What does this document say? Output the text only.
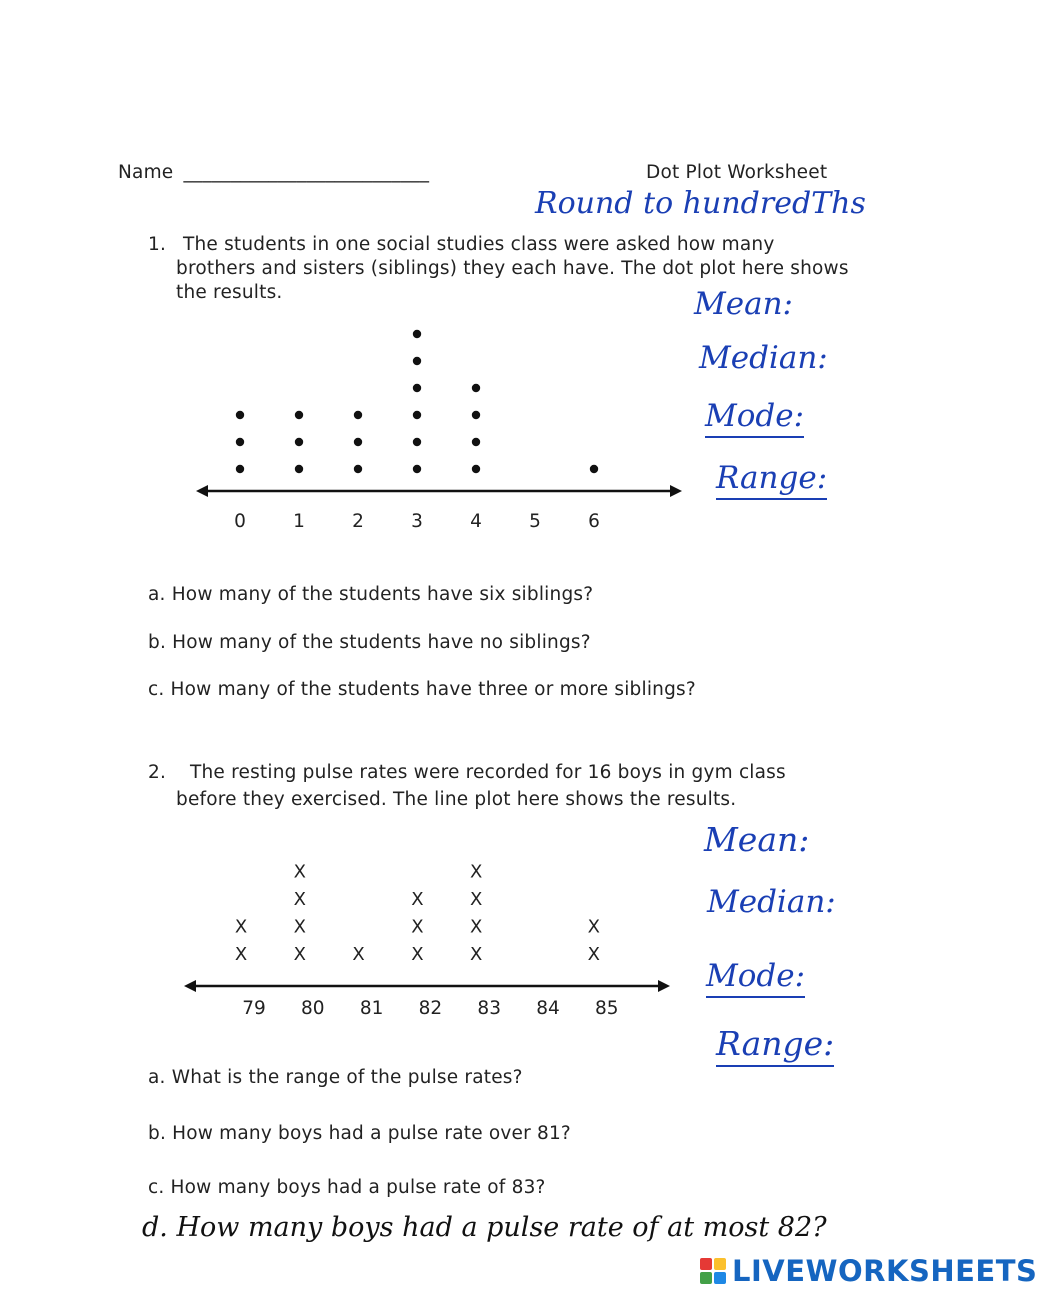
Name __________________________	Dot Plot Worksheet
Round to hundredThs
1. The students in one social studies class were asked how many
brothers and sisters (siblings) they each have. The dot plot here shows
the results.	Mean:
Median:
Mode:
Range:
0	1	2	3	4	5	6
a. How many of the students have six siblings?
b. How many of the students have no siblings?
c. How many of the students have three or more siblings?
2. The resting pulse rates were recorded for 16 boys in gym class
before they exercised. The line plot here shows the results.
Mean:
Median:
Mode:
Range:
79
X
X
80
X
X
X
X
81
X
82
X
X
X
83
X
X
X
X
84 85
X
X
a. What is the range of the pulse rates?
b. How many boys had a pulse rate over 81?
c. How many boys had a pulse rate of 83?
d. How many boys had a pulse rate of at most 82?
LIVEWORKSHEETS
